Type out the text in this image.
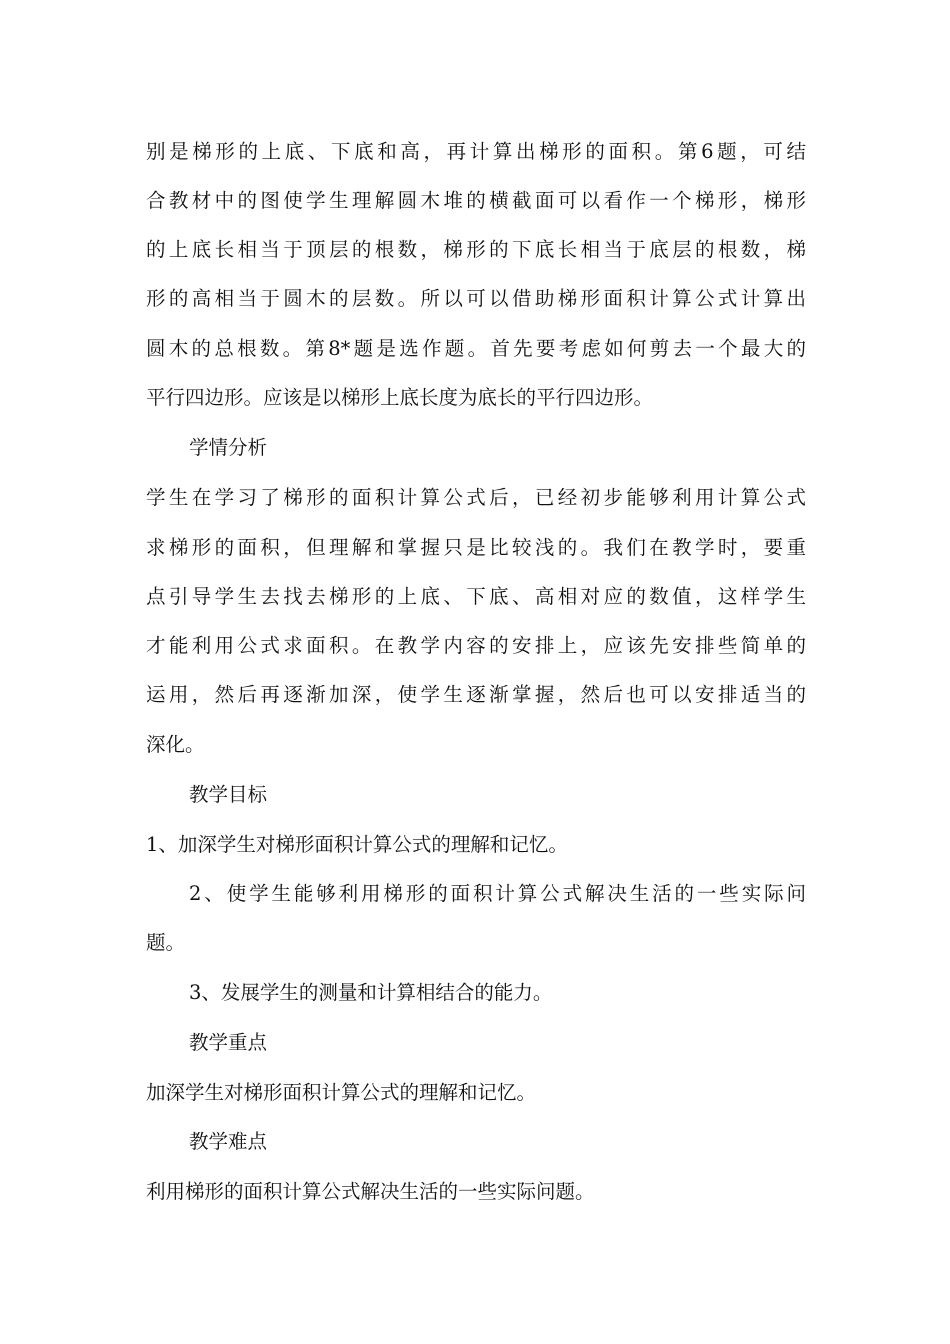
别是梯形的上底、下底和高，再计算出梯形的面积。第6题，可结
合教材中的图使学生理解圆木堆的横截面可以看作一个梯形，梯形
的上底长相当于顶层的根数，梯形的下底长相当于底层的根数，梯
形的高相当于圆木的层数。所以可以借助梯形面积计算公式计算出
圆木的总根数。第8*题是选作题。首先要考虑如何剪去一个最大的
平行四边形。应该是以梯形上底长度为底长的平行四边形。
学情分析
学生在学习了梯形的面积计算公式后，已经初步能够利用计算公式
求梯形的面积，但理解和掌握只是比较浅的。我们在教学时，要重
点引导学生去找去梯形的上底、下底、高相对应的数值，这样学生
才能利用公式求面积。在教学内容的安排上，应该先安排些简单的
运用，然后再逐渐加深，使学生逐渐掌握，然后也可以安排适当的
深化。
教学目标
1、加深学生对梯形面积计算公式的理解和记忆。
2、使学生能够利用梯形的面积计算公式解决生活的一些实际问
题。
3、发展学生的测量和计算相结合的能力。
教学重点
加深学生对梯形面积计算公式的理解和记忆。
教学难点
利用梯形的面积计算公式解决生活的一些实际问题。
